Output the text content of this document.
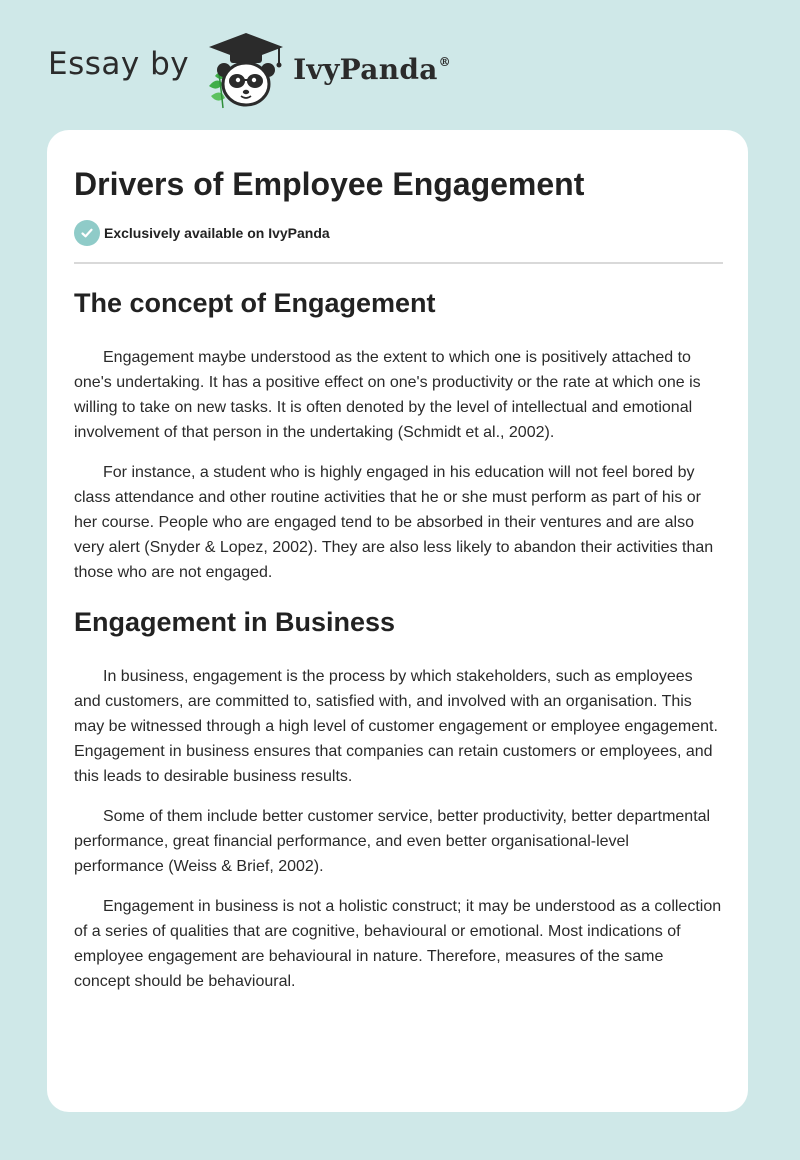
Essay by	IvyPanda®
Drivers of Employee Engagement
Exclusively available on IvyPanda
The concept of Engagement

Engagement maybe understood as the extent to which one is positively attached to one's undertaking. It has a positive effect on one's productivity or the rate at which one is willing to take on new tasks. It is often denoted by the level of intellectual and emotional involvement of that person in the undertaking (Schmidt et al., 2002).

For instance, a student who is highly engaged in his education will not feel bored by class attendance and other routine activities that he or she must perform as part of his or her course. People who are engaged tend to be absorbed in their ventures and are also very alert (Snyder & Lopez, 2002). They are also less likely to abandon their activities than those who are not engaged.

Engagement in Business

In business, engagement is the process by which stakeholders, such as employees and customers, are committed to, satisfied with, and involved with an organisation. This may be witnessed through a high level of customer engagement or employee engagement. Engagement in business ensures that companies can retain customers or employees, and this leads to desirable business results.

Some of them include better customer service, better productivity, better departmental performance, great financial performance, and even better organisational-level performance (Weiss & Brief, 2002).

Engagement in business is not a holistic construct; it may be understood as a collection of a series of qualities that are cognitive, behavioural or emotional. Most indications of employee engagement are behavioural in nature. Therefore, measures of the same concept should be behavioural.
